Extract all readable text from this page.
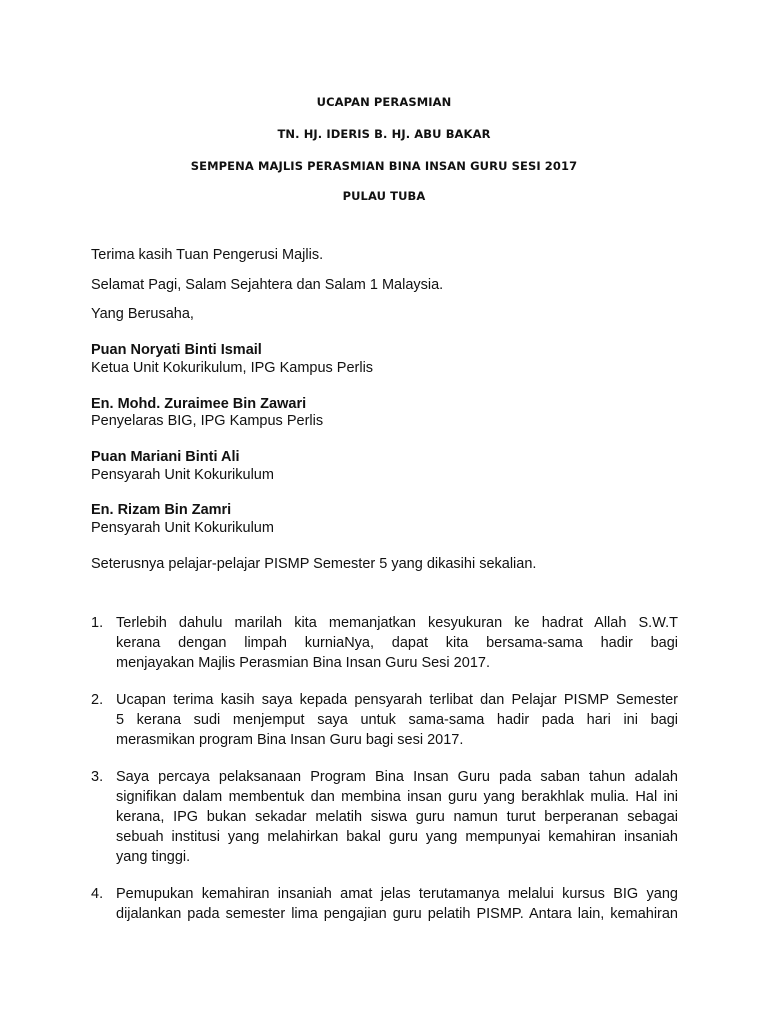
UCAPAN PERASMIAN
TN. HJ. IDERIS B. HJ. ABU BAKAR
SEMPENA MAJLIS PERASMIAN BINA INSAN GURU SESI 2017
PULAU TUBA
Terima kasih Tuan Pengerusi Majlis.
Selamat Pagi, Salam Sejahtera dan Salam 1 Malaysia.
Yang Berusaha,
Puan Noryati Binti Ismail
Ketua Unit Kokurikulum, IPG Kampus Perlis
En. Mohd. Zuraimee Bin Zawari
Penyelaras BIG, IPG Kampus Perlis
Puan Mariani Binti Ali
Pensyarah Unit Kokurikulum
En. Rizam Bin Zamri
Pensyarah Unit Kokurikulum
Seterusnya pelajar-pelajar PISMP Semester 5 yang dikasihi sekalian.
1. Terlebih dahulu marilah kita memanjatkan kesyukuran ke hadrat Allah S.W.T
kerana dengan limpah kurniaNya, dapat kita bersama-sama hadir bagi
menjayakan Majlis Perasmian Bina Insan Guru Sesi 2017.
2. Ucapan terima kasih saya kepada pensyarah terlibat dan Pelajar PISMP Semester
5 kerana sudi menjemput saya untuk sama-sama hadir pada hari ini bagi
merasmikan program Bina Insan Guru bagi sesi 2017.
3. Saya percaya pelaksanaan Program Bina Insan Guru pada saban tahun adalah
signifikan dalam membentuk dan membina insan guru yang berakhlak mulia. Hal ini
kerana, IPG bukan sekadar melatih siswa guru namun turut berperanan sebagai
sebuah institusi yang melahirkan bakal guru yang mempunyai kemahiran insaniah
yang tinggi.
4. Pemupukan kemahiran insaniah amat jelas terutamanya melalui kursus BIG yang
dijalankan pada semester lima pengajian guru pelatih PISMP. Antara lain, kemahiran
